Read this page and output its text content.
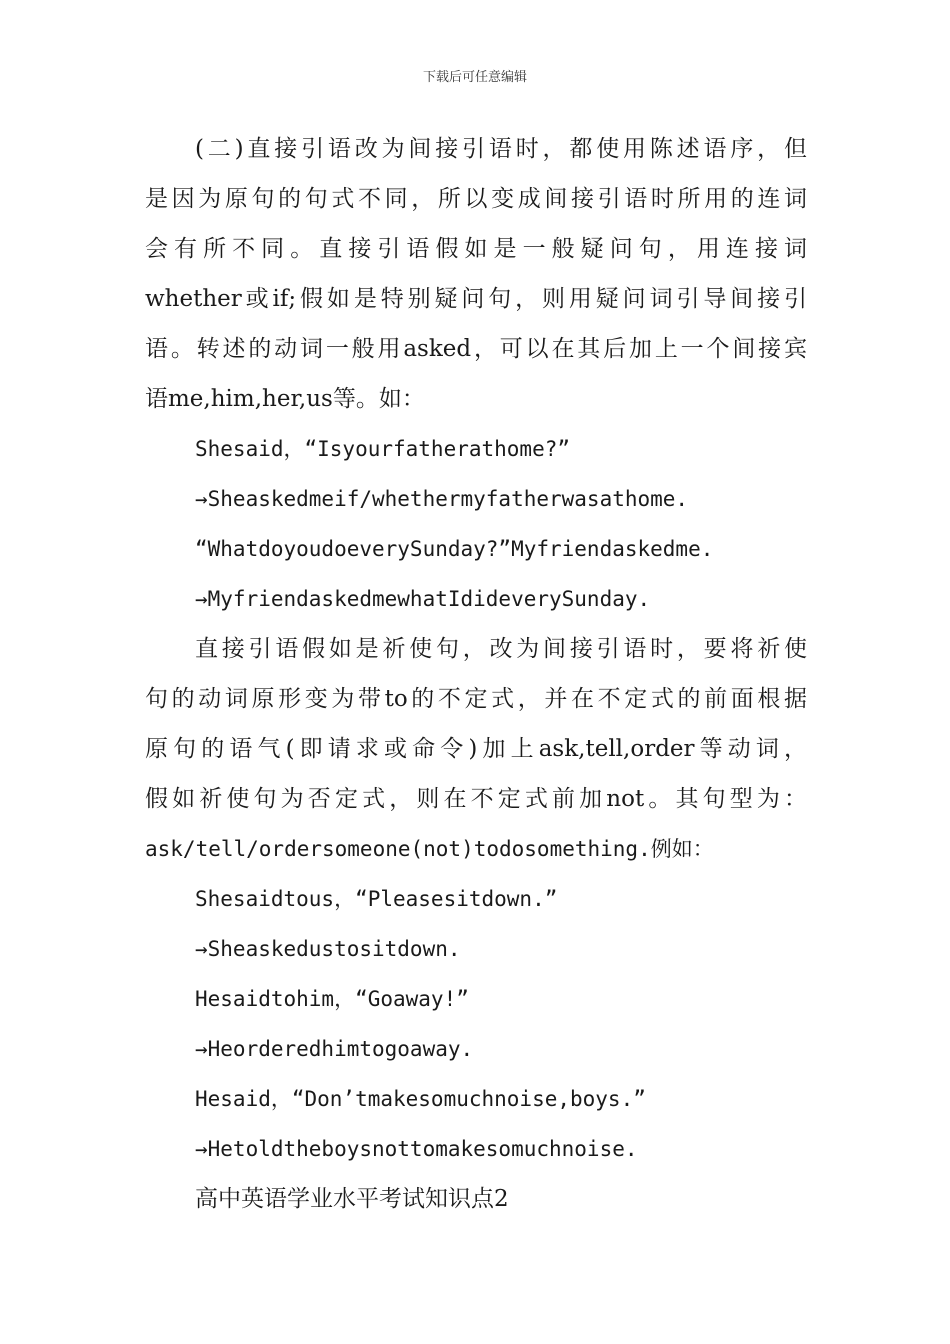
下载后可任意编辑
(二)直接引语改为间接引语时，都使用陈述语序，但
是因为原句的句式不同，所以变成间接引语时所用的连词
会有所不同。直接引语假如是一般疑问句，用连接词
whether或if;假如是特别疑问句，则用疑问词引导间接引
语。转述的动词一般用asked，可以在其后加上一个间接宾
语me,him,her,us等。如：
Shesaid，“Isyourfatherathome?”
→Sheaskedmeif/whethermyfatherwasathome.
“WhatdoyoudoeverySunday?”Myfriendaskedme.
→MyfriendaskedmewhatIdideverySunday.
直接引语假如是祈使句，改为间接引语时，要将祈使
句的动词原形变为带to的不定式，并在不定式的前面根据
原句的语气(即请求或命令)加上ask,tell,order等动词，
假如祈使句为否定式，则在不定式前加not。其句型为：
ask/tell/ordersomeone(not)todosomething.例如：
Shesaidtous，“Pleasesitdown.”
→Sheaskedustositdown.
Hesaidtohim，“Goaway!”
→Heorderedhimtogoaway.
Hesaid，“Don’tmakesomuchnoise,boys.”
→Hetoldtheboysnottomakesomuchnoise.
高中英语学业水平考试知识点2
